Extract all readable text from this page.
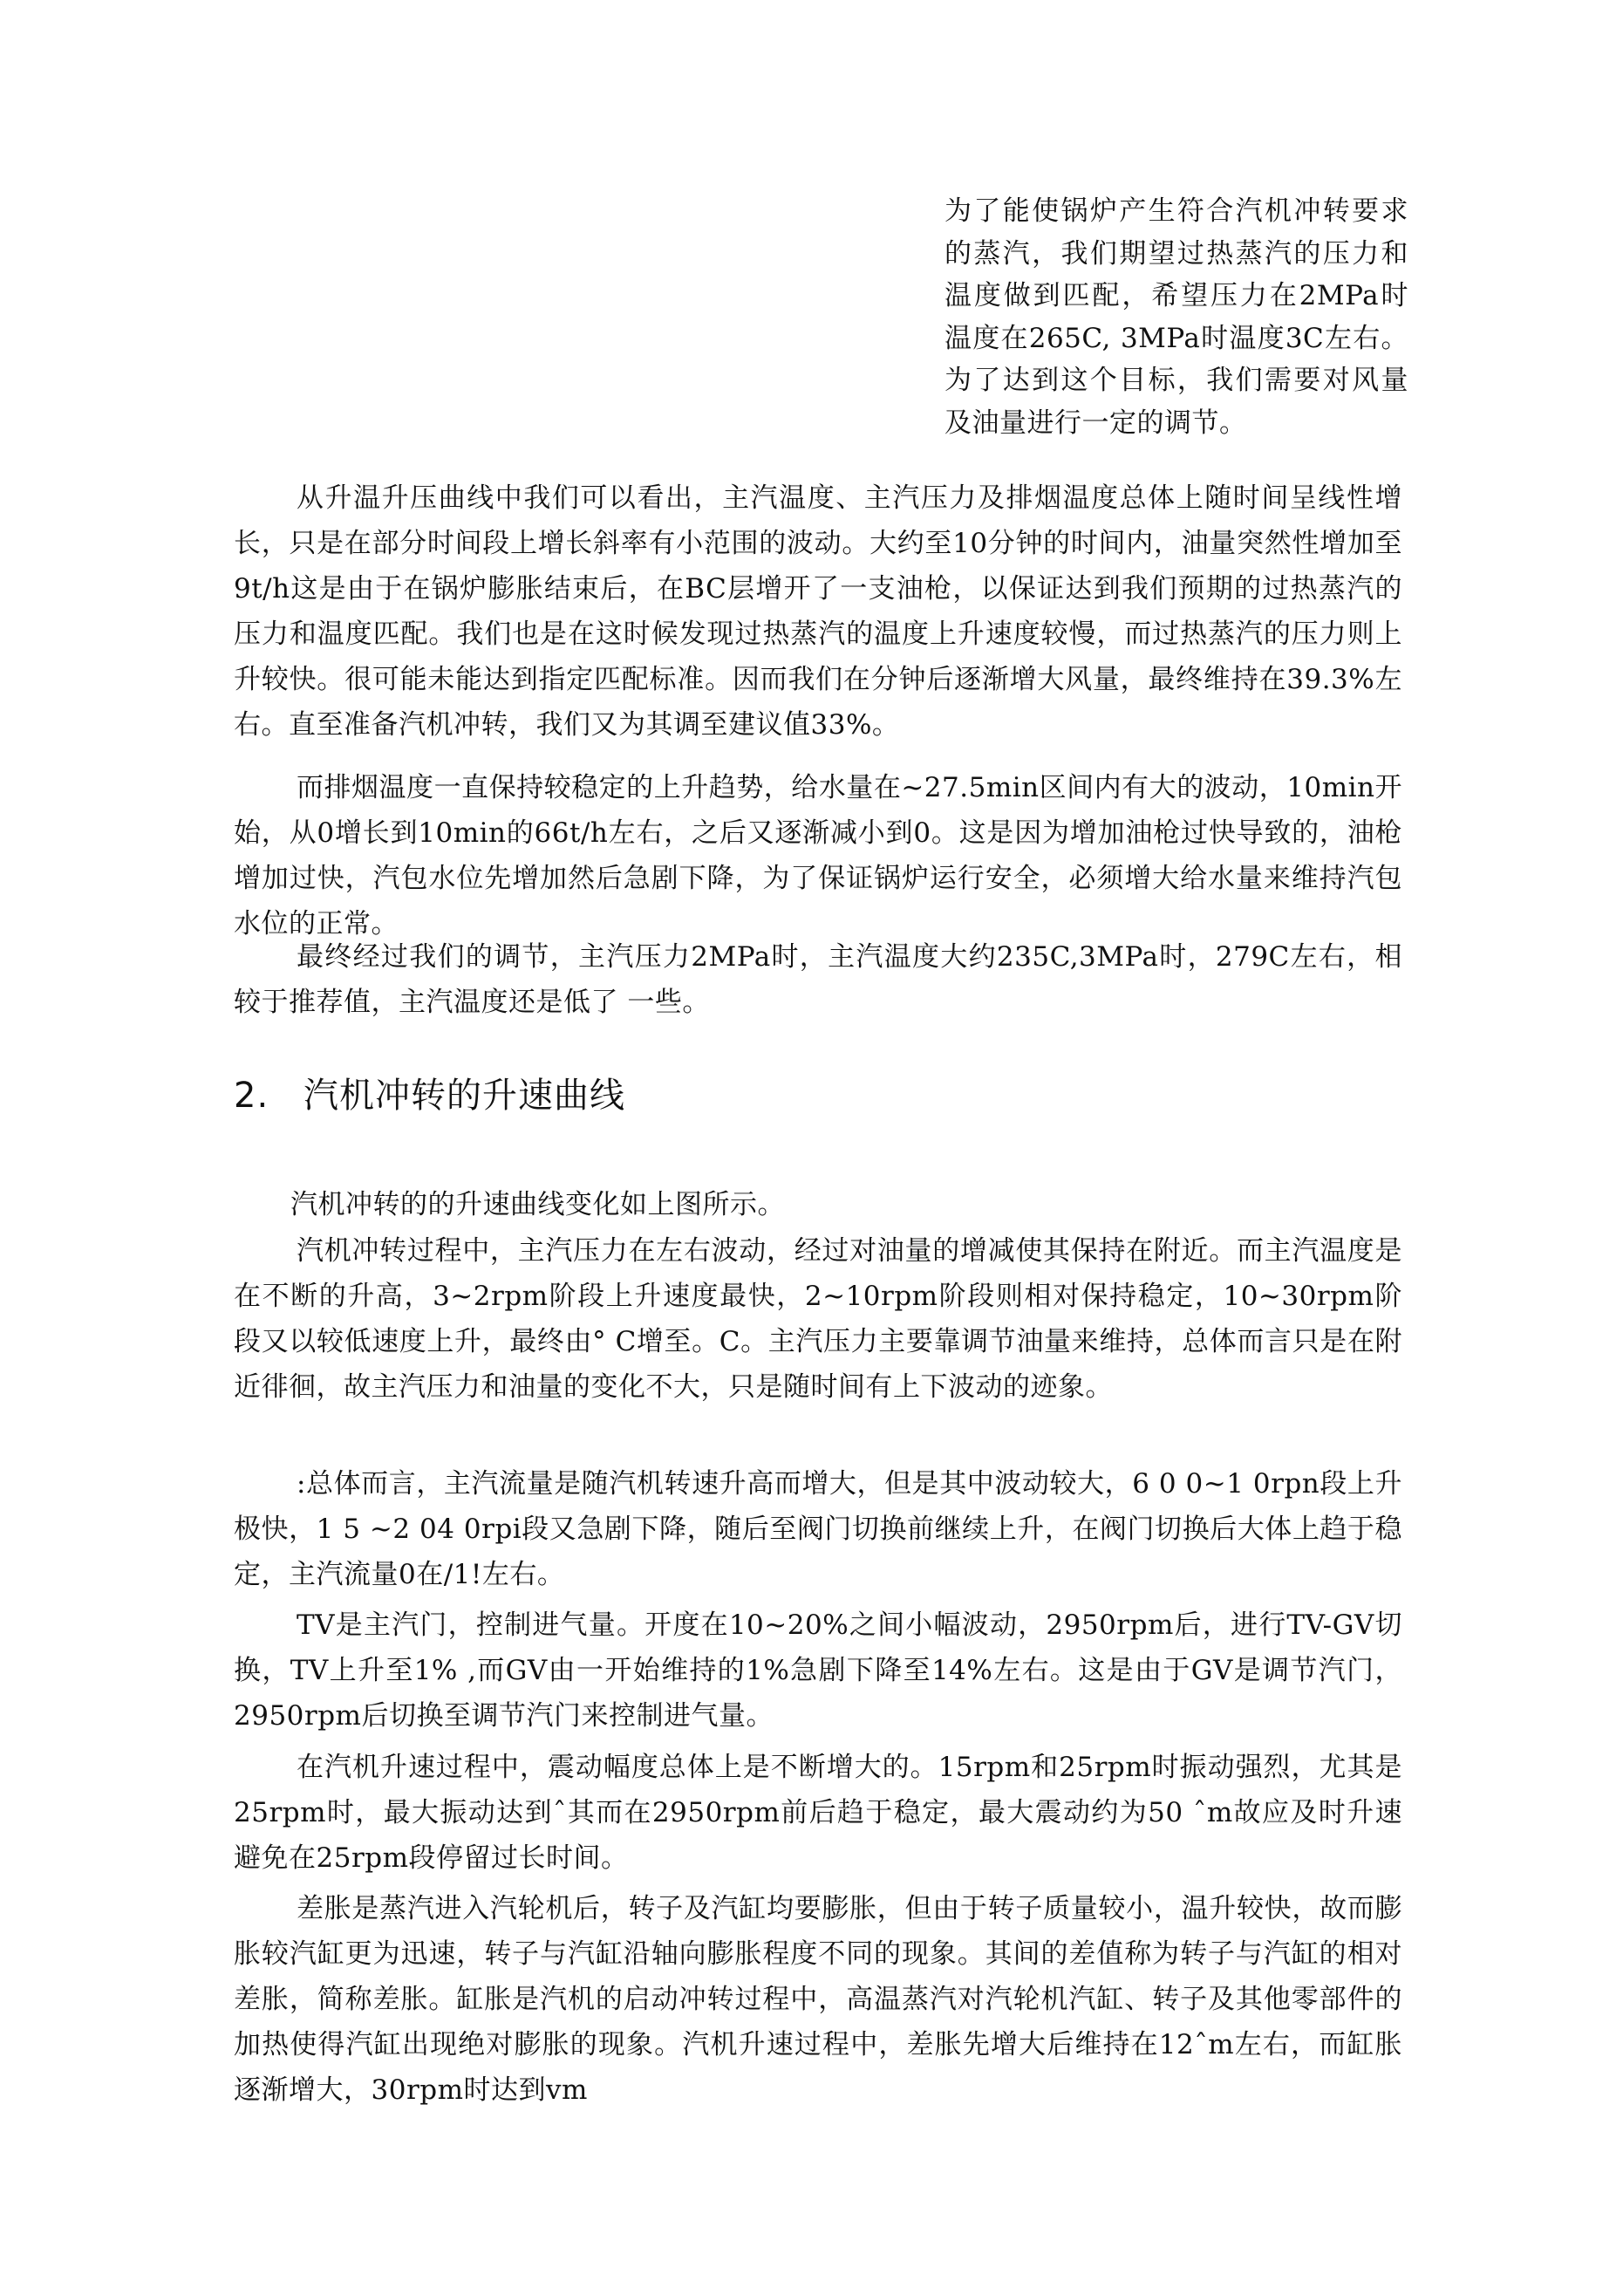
为了能使锅炉产生符合汽机冲转要求的蒸汽，我们期望过热蒸汽的压力和温度做到匹配，希望压力在2MPa时温度在265C, 3MPa时温度3C左右。为了达到这个目标，我们需要对风量及油量进行一定的调节。

从升温升压曲线中我们可以看出，主汽温度、主汽压力及排烟温度总体上随时间呈线性增长，只是在部分时间段上增长斜率有小范围的波动。大约至10分钟的时间内，油量突然性增加至9t/h这是由于在锅炉膨胀结束后，在BC层增开了一支油枪，以保证达到我们预期的过热蒸汽的压力和温度匹配。我们也是在这时候发现过热蒸汽的温度上升速度较慢，而过热蒸汽的压力则上升较快。很可能未能达到指定匹配标准。因而我们在分钟后逐渐增大风量，最终维持在39.3%左右。直至准备汽机冲转，我们又为其调至建议值33%。

而排烟温度一直保持较稳定的上升趋势，给水量在~27.5min区间内有大的波动，10min开始，从0增长到10min的66t/h左右，之后又逐渐减小到0。这是因为增加油枪过快导致的，油枪增加过快，汽包水位先增加然后急剧下降，为了保证锅炉运行安全，必须增大给水量来维持汽包水位的正常。

最终经过我们的调节，主汽压力2MPa时，主汽温度大约235C,3MPa时，279C左右，相较于推荐值，主汽温度还是低了 一些。

2. 汽机冲转的升速曲线

汽机冲转的的升速曲线变化如上图所示。

汽机冲转过程中，主汽压力在左右波动，经过对油量的增减使其保持在附近。而主汽温度是在不断的升高，3~2rpm阶段上升速度最快，2~10rpm阶段则相对保持稳定，10~30rpm阶段又以较低速度上升，最终由° C增至。C。主汽压力主要靠调节油量来维持，总体而言只是在附近徘徊，故主汽压力和油量的变化不大，只是随时间有上下波动的迹象。

:总体而言，主汽流量是随汽机转速升高而增大，但是其中波动较大，6 0 0~1 0rpn段上升极快，1 5 ~2 04 0rpi段又急剧下降，随后至阀门切换前继续上升，在阀门切换后大体上趋于稳定，主汽流量0在/1!左右。

TV是主汽门，控制进气量。开度在10~20%之间小幅波动，2950rpm后，进行TV-GV切换，TV上升至1% ,而GV由一开始维持的1%急剧下降至14%左右。这是由于GV是调节汽门，2950rpm后切换至调节汽门来控制进气量。

在汽机升速过程中，震动幅度总体上是不断增大的。15rpm和25rpm时振动强烈，尤其是25rpm时，最大振动达到ˆ其而在2950rpm前后趋于稳定，最大震动约为50 ˆm故应及时升速避免在25rpm段停留过长时间。

差胀是蒸汽进入汽轮机后，转子及汽缸均要膨胀，但由于转子质量较小，温升较快，故而膨胀较汽缸更为迅速，转子与汽缸沿轴向膨胀程度不同的现象。其间的差值称为转子与汽缸的相对差胀，简称差胀。缸胀是汽机的启动冲转过程中，高温蒸汽对汽轮机汽缸、转子及其他零部件的加热使得汽缸出现绝对膨胀的现象。汽机升速过程中，差胀先增大后维持在12ˆm左右，而缸胀逐渐增大，30rpm时达到vm
